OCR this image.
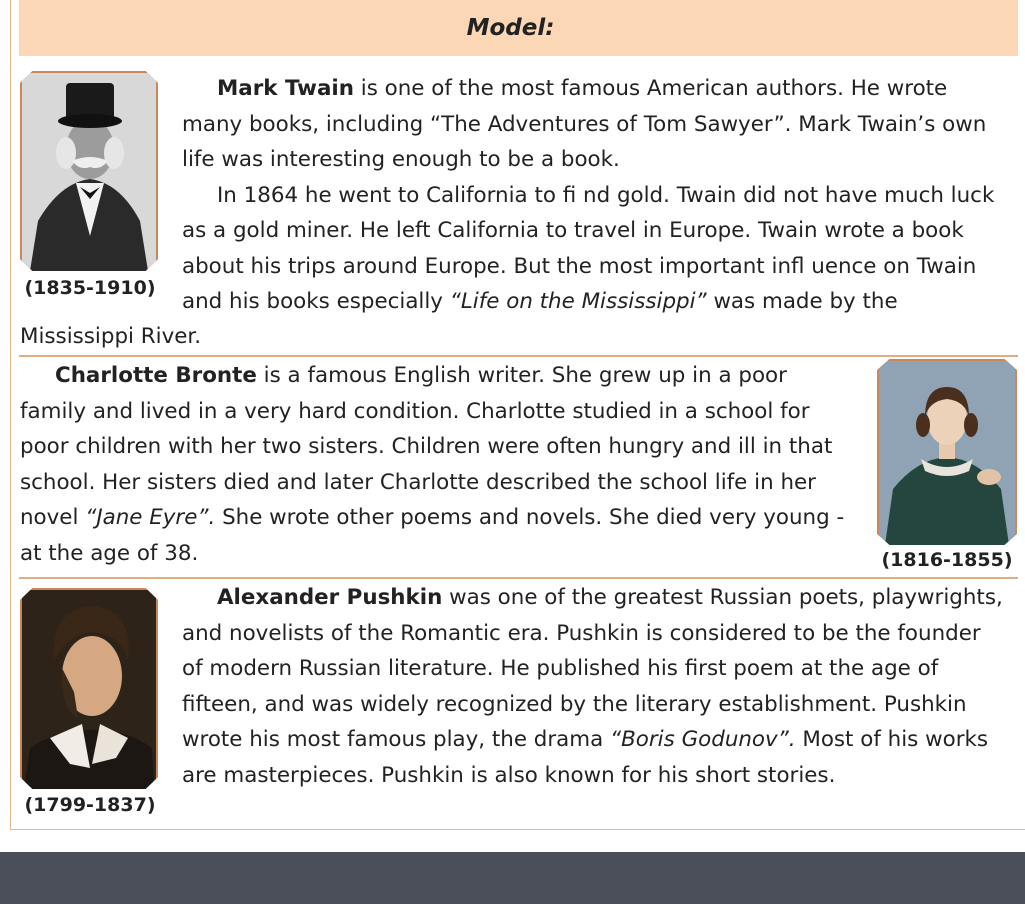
Model:
(1835-1910)

Mark Twain is one of the most famous American authors. He wrote
many books, including “The Adventures of Tom Sawyer”. Mark Twain’s own
life was interesting enough to be a book.
In 1864 he went to California to fi nd gold. Twain did not have much luck
as a gold miner. He left California to travel in Europe. Twain wrote a book
about his trips around Europe. But the most important infl uence on Twain
and his books especially “Life on the Mississippi” was made by the

Mississippi River.

Charlotte Bronte is a famous English writer. She grew up in a poor
family and lived in a very hard condition. Charlotte studied in a school for
poor children with her two sisters. Children were often hungry and ill in that
school. Her sisters died and later Charlotte described the school life in her
novel “Jane Eyre”. She wrote other poems and novels. She died very young -
at the age of 38.	(1816-1855)
(1799-1837)

Alexander Pushkin was one of the greatest Russian poets, playwrights,
and novelists of the Romantic era. Pushkin is considered to be the founder
of modern Russian literature. He published his first poem at the age of
fifteen, and was widely recognized by the literary establishment. Pushkin
wrote his most famous play, the drama “Boris Godunov”. Most of his works
are masterpieces. Pushkin is also known for his short stories.
